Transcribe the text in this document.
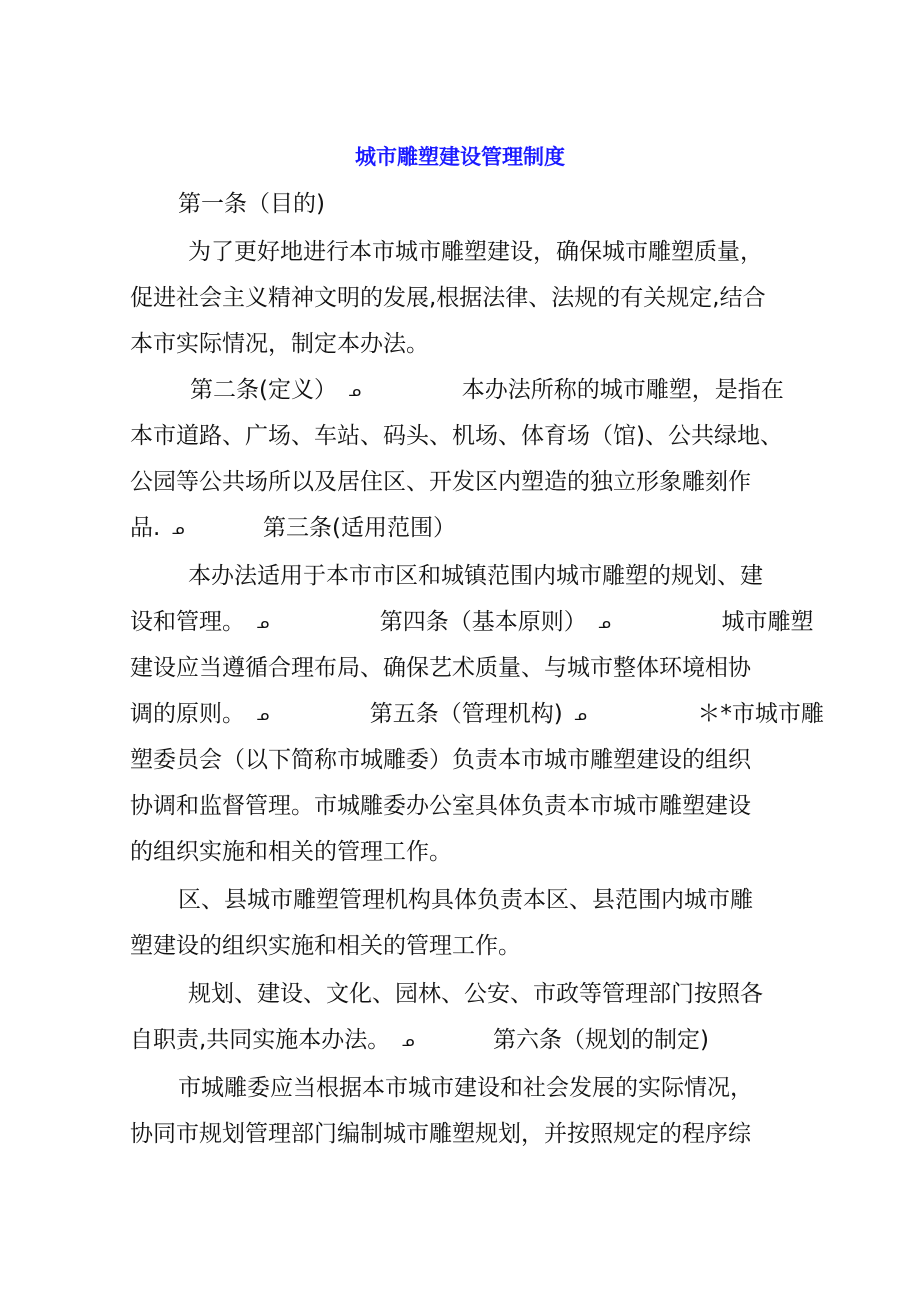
城市雕塑建设管理制度
第一条（目的)
为了更好地进行本市城市雕塑建设，确保城市雕塑质量，
促进社会主义精神文明的发展,根据法律、法规的有关规定,结合
本市实际情况，制定本办法。
第二条(定义） ᓄ	本办法所称的城市雕塑，是指在
本市道路、广场、车站、码头、机场、体育场（馆)、公共绿地、
公园等公共场所以及居住区、开发区内塑造的独立形象雕刻作
品. ᓄ	第三条(适用范围）
本办法适用于本市市区和城镇范围内城市雕塑的规划、建
设和管理。 ᓄ	第四条（基本原则） ᓄ	城市雕塑
建设应当遵循合理布局、确保艺术质量、与城市整体环境相协
调的原则。 ᓄ	第五条（管理机构) ᓄ	＊*市城市雕
塑委员会（以下简称市城雕委）负责本市城市雕塑建设的组织
协调和监督管理。市城雕委办公室具体负责本市城市雕塑建设
的组织实施和相关的管理工作。
区、县城市雕塑管理机构具体负责本区、县范围内城市雕
塑建设的组织实施和相关的管理工作。
规划、建设、文化、园林、公安、市政等管理部门按照各
自职责,共同实施本办法。 ᓄ	第六条（规划的制定)
市城雕委应当根据本市城市建设和社会发展的实际情况，
协同市规划管理部门编制城市雕塑规划，并按照规定的程序综
